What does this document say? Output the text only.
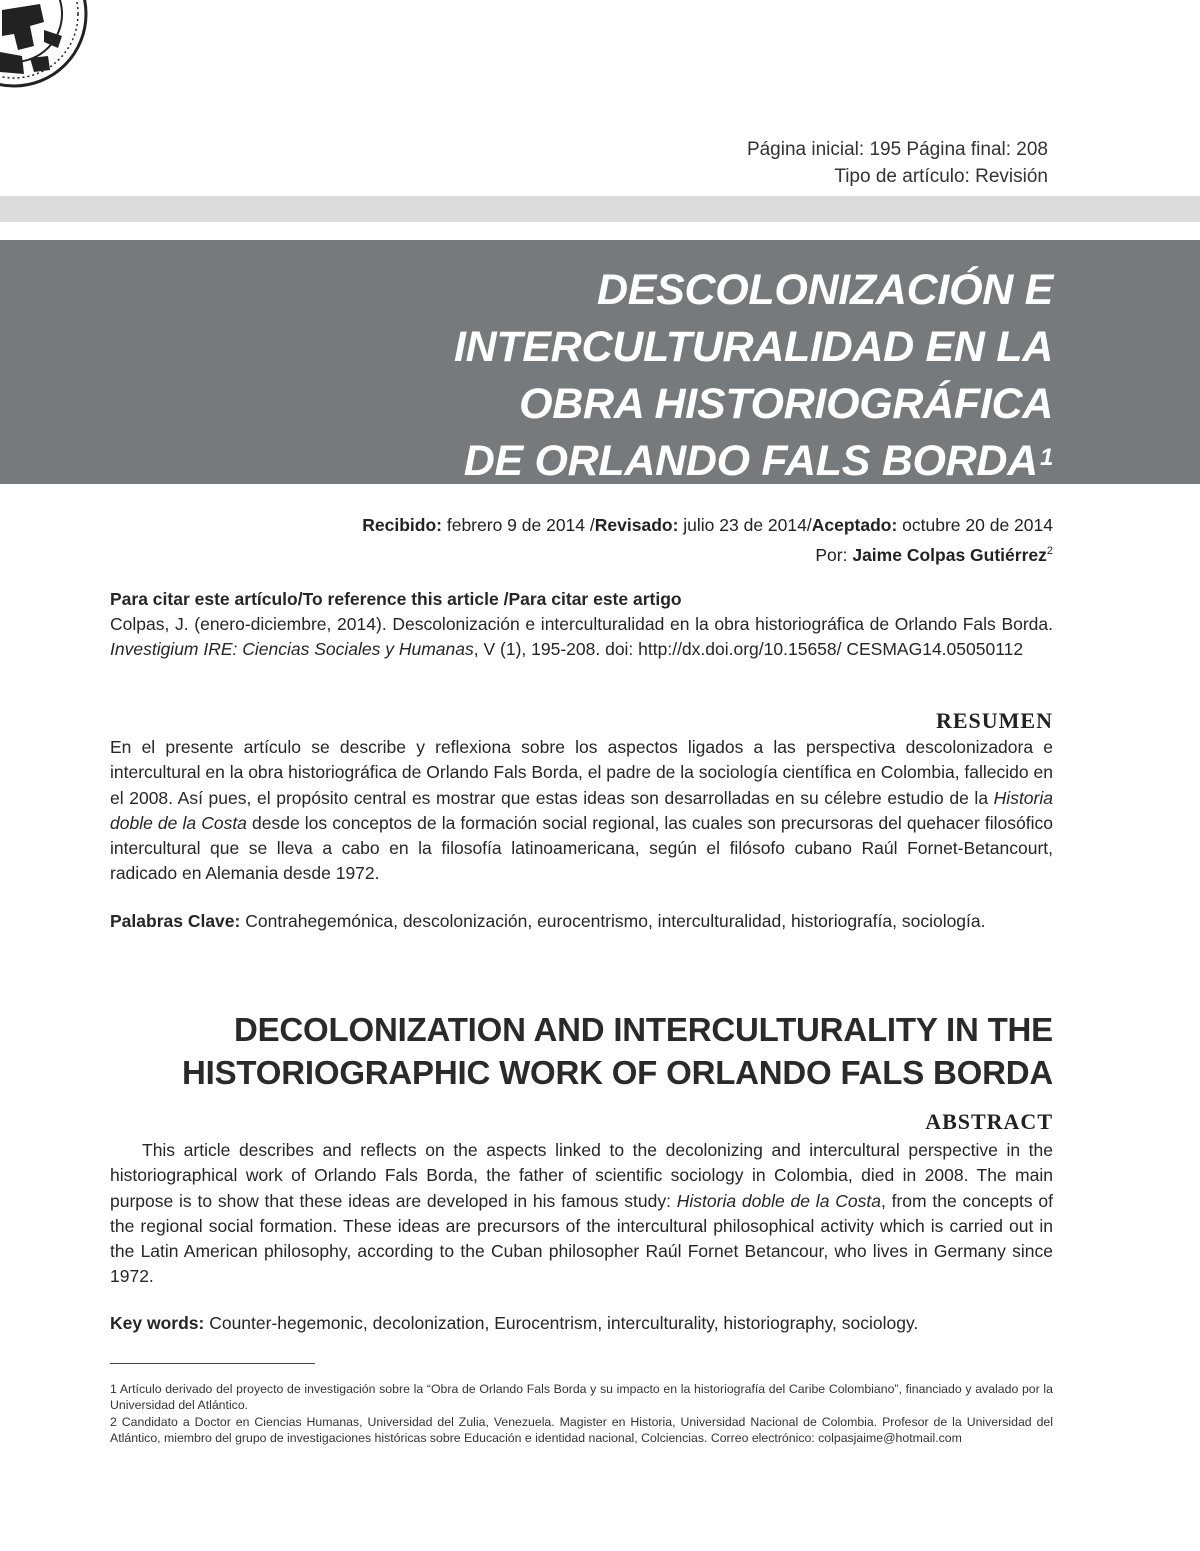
Página inicial: 195 Página final: 208
Tipo de artículo: Revisión
DESCOLONIZACIÓN E
INTERCULTURALIDAD EN LA
OBRA HISTORIOGRÁFICA
DE ORLANDO FALS BORDA$^1$
Recibido: febrero 9 de 2014 /Revisado: julio 23 de 2014/Aceptado: octubre 20 de 2014
Por: Jaime Colpas Gutiérrez$^2$
Para citar este artículo/To reference this article /Para citar este artigo

Colpas, J. (enero-diciembre, 2014). Descolonización e interculturalidad en la obra historiográfica de Orlando Fals Borda. Investigium IRE: Ciencias Sociales y Humanas, V (1), 195-208. doi: http://dx.doi.org/10.15658/ CESMAG14.05050112

RESUMEN

En el presente artículo se describe y reflexiona sobre los aspectos ligados a las perspectiva descolonizadora e intercultural en la obra historiográfica de Orlando Fals Borda, el padre de la sociología científica en Colombia, fallecido en el 2008. Así pues, el propósito central es mostrar que estas ideas son desarrolladas en su célebre estudio de la Historia doble de la Costa desde los conceptos de la formación social regional, las cuales son precursoras del quehacer filosófico intercultural que se lleva a cabo en la filosofía latinoamericana, según el filósofo cubano Raúl Fornet-Betancourt, radicado en Alemania desde 1972.

Palabras Clave: Contrahegemónica, descolonización, eurocentrismo, interculturalidad, historiografía, sociología.

DECOLONIZATION AND INTERCULTURALITY IN THE
HISTORIOGRAPHIC WORK OF ORLANDO FALS BORDA
ABSTRACT

This article describes and reflects on the aspects linked to the decolonizing and intercultural perspective in the historiographical work of Orlando Fals Borda, the father of scientific sociology in Colombia, died in 2008. The main purpose is to show that these ideas are developed in his famous study: Historia doble de la Costa, from the concepts of the regional social formation. These ideas are precursors of the intercultural philosophical activity which is carried out in the Latin American philosophy, according to the Cuban philosopher Raúl Fornet Betancour, who lives in Germany since 1972.

Key words: Counter-hegemonic, decolonization, Eurocentrism, interculturality, historiography, sociology.

1 Artículo derivado del proyecto de investigación sobre la “Obra de Orlando Fals Borda y su impacto en la historiografía del Caribe Colombiano”, financiado y avalado por la Universidad del Atlántico.

2 Candidato a Doctor en Ciencias Humanas, Universidad del Zulia, Venezuela. Magister en Historia, Universidad Nacional de Colombia. Profesor de la Universidad del Atlántico, miembro del grupo de investigaciones históricas sobre Educación e identidad nacional, Colciencias. Correo electrónico: colpasjaime@hotmail.com
